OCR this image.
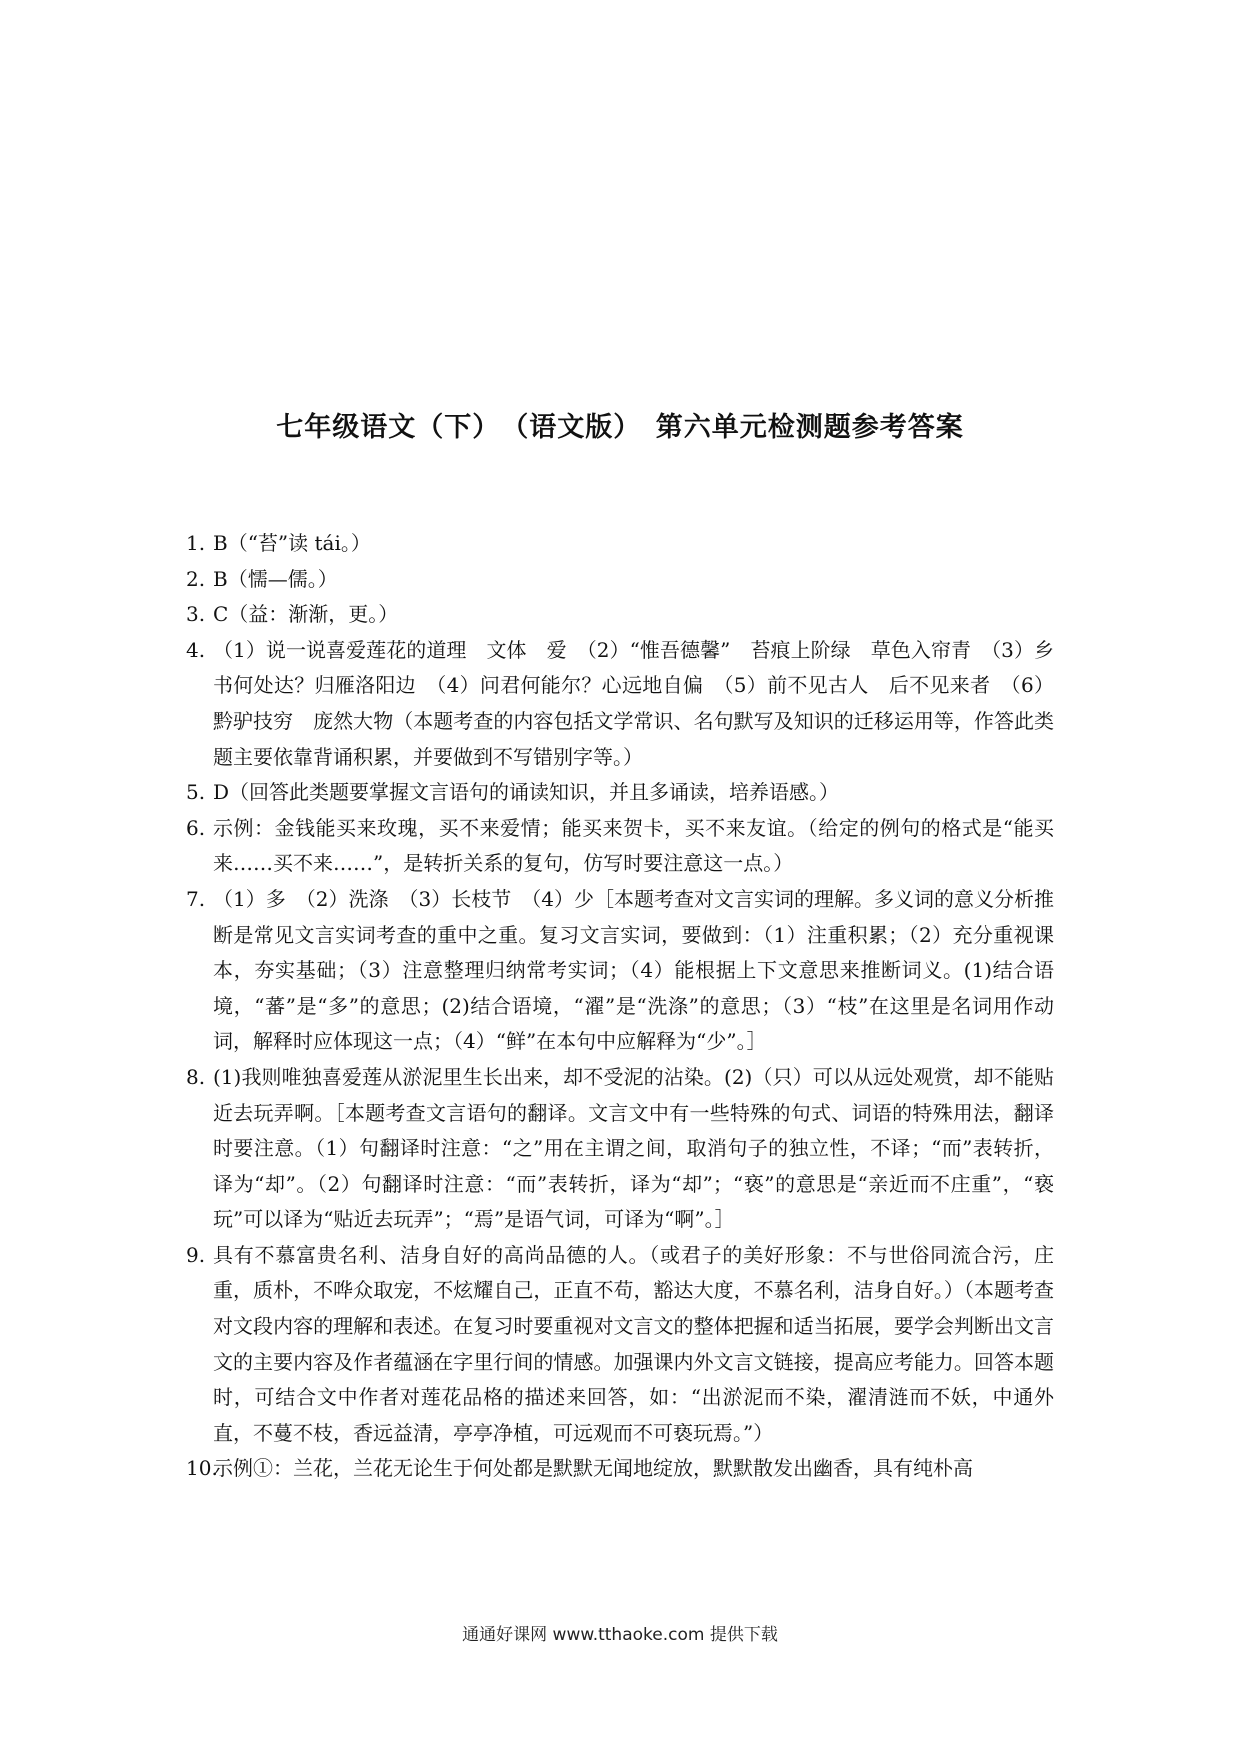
七年级语文（下）　（语文版）　第六单元检测题参考答案
1. B（“苔”读 tái。）
2. B（懦—儒。）
3. C（益：渐渐，更。）
4. （1）说一说喜爱莲花的道理　文体　爱　（2）“惟吾德馨”　苔痕上阶绿　草色入帘青　（3）乡书何处达？归雁洛阳边　（4）问君何能尔？心远地自偏　（5）前不见古人　后不见来者　（6）黔驴技穷　庞然大物（本题考查的内容包括文学常识、名句默写及知识的迁移运用等，作答此类题主要依靠背诵积累，并要做到不写错别字等。）
5. D（回答此类题要掌握文言语句的诵读知识，并且多诵读，培养语感。）
6. 示例：金钱能买来玫瑰，买不来爱情；能买来贺卡，买不来友谊。（给定的例句的格式是“能买来……买不来……”，是转折关系的复句，仿写时要注意这一点。）
7. （1）多　（2）洗涤　（3）长枝节　（4）少［本题考查对文言实词的理解。多义词的意义分析推断是常见文言实词考查的重中之重。复习文言实词，要做到：（1）注重积累；（2）充分重视课本，夯实基础；（3）注意整理归纳常考实词；（4）能根据上下文意思来推断词义。(1)结合语境，“蕃”是“多”的意思；(2)结合语境，“濯”是“洗涤”的意思；（3）“枝”在这里是名词用作动词，解释时应体现这一点；（4）“鲜”在本句中应解释为“少”。］
8. (1)我则唯独喜爱莲从淤泥里生长出来，却不受泥的沾染。(2)（只）可以从远处观赏，却不能贴近去玩弄啊。［本题考查文言语句的翻译。文言文中有一些特殊的句式、词语的特殊用法，翻译时要注意。（1）句翻译时注意：“之”用在主谓之间，取消句子的独立性，不译；“而”表转折，译为“却”。（2）句翻译时注意：“而”表转折，译为“却”；“亵”的意思是“亲近而不庄重”，“亵玩”可以译为“贴近去玩弄”；“焉”是语气词，可译为“啊”。］
9. 具有不慕富贵名利、洁身自好的高尚品德的人。（或君子的美好形象：不与世俗同流合污，庄重，质朴，不哗众取宠，不炫耀自己，正直不苟，豁达大度，不慕名利，洁身自好。）（本题考查对文段内容的理解和表述。在复习时要重视对文言文的整体把握和适当拓展，要学会判断出文言文的主要内容及作者蕴涵在字里行间的情感。加强课内外文言文链接，提高应考能力。回答本题时，可结合文中作者对莲花品格的描述来回答，如：“出淤泥而不染，濯清涟而不妖，中通外直，不蔓不枝，香远益清，亭亭净植，可远观而不可亵玩焉。”）
10.
示例①：兰花，兰花无论生于何处都是默默无闻地绽放，默默散发出幽香，具有纯朴高
通通好课网 www.tthaoke.com 提供下载
